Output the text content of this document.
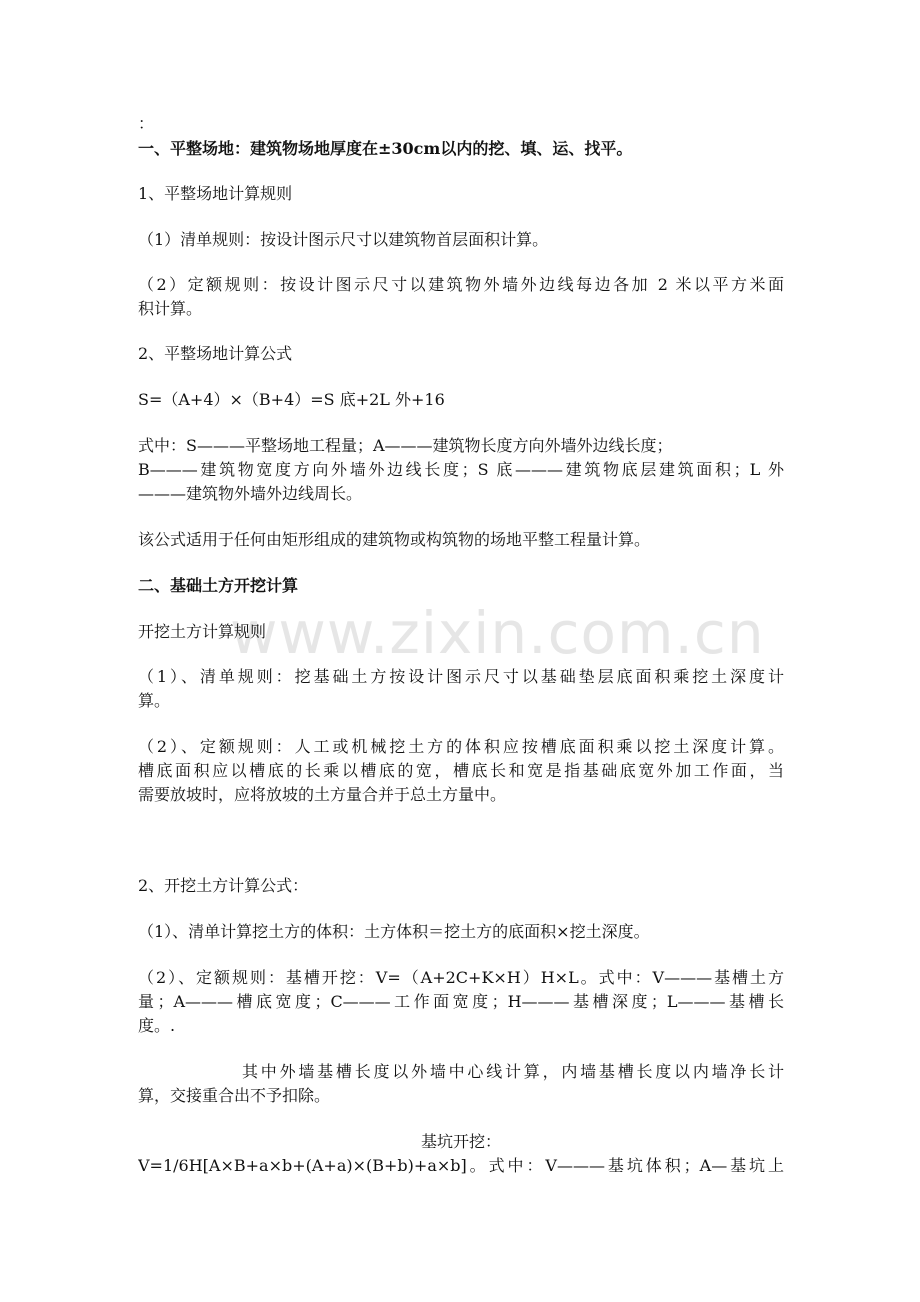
www.zixin.com.cn
：
一、平整场地：建筑物场地厚度在±30cm以内的挖、填、运、找平。
1、平整场地计算规则
（1）清单规则：按设计图示尺寸以建筑物首层面积计算。
（2）定额规则：按设计图示尺寸以建筑物外墙外边线每边各加 2 米以平方米面
积计算。
2、平整场地计算公式
S=（A+4）×（B+4）=S 底+2L 外+16
式中：S———平整场地工程量；A———建筑物长度方向外墙外边线长度；
B———建筑物宽度方向外墙外边线长度；S 底———建筑物底层建筑面积；L 外
———建筑物外墙外边线周长。
该公式适用于任何由矩形组成的建筑物或构筑物的场地平整工程量计算。
二、基础土方开挖计算
开挖土方计算规则
（1）、清单规则：挖基础土方按设计图示尺寸以基础垫层底面积乘挖土深度计
算。
（2）、定额规则：人工或机械挖土方的体积应按槽底面积乘以挖土深度计算。
槽底面积应以槽底的长乘以槽底的宽，槽底长和宽是指基础底宽外加工作面，当
需要放坡时，应将放坡的土方量合并于总土方量中。
2、开挖土方计算公式：
（1）、清单计算挖土方的体积：土方体积＝挖土方的底面积×挖土深度。
（2）、定额规则：基槽开挖：V=（A+2C+K×H）H×L。式中：V———基槽土方
量；A———槽底宽度；C———工作面宽度；H———基槽深度；L———基槽长
度。.
其中外墙基槽长度以外墙中心线计算，内墙基槽长度以内墙净长计
算，交接重合出不予扣除。
基坑开挖：
V=1/6H[A×B+a×b+(A+a)×(B+b)+a×b]。式中：V———基坑体积；A—基坑上
